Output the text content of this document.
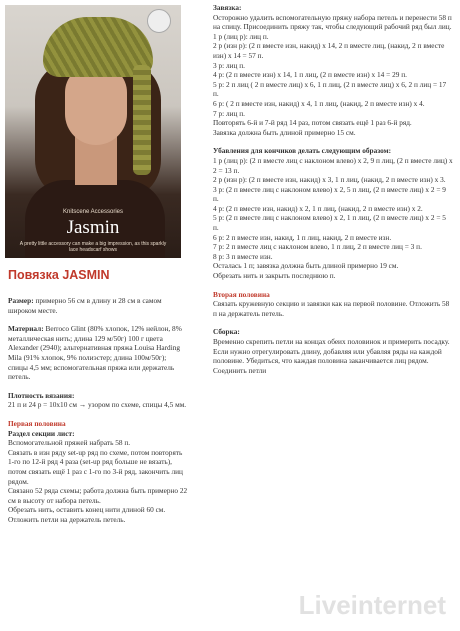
Knitscene Accessories
Jasmin
A pretty little accessory can make a big impression, as this sparkly lace headscarf shows
Повязка JASMIN

Размер: примерно 56 см в длину и 28 см в самом широком месте.

Материал: Berroco Glint (80% хлопок, 12% нейлон, 8% металлическая нить; длина 129 м/50г) 100 г цвета Alexander (2940); альтернативная пряжа Louisa Harding Mila (91% хлопок, 9% полиэстер; длина 100м/50г); спицы 4,5 мм; вспомогательная пряжа или держатель петель.

Плотность вязания:

21 п и 24 р = 10х10 см → узором по схеме, спицы 4,5 мм.

Первая половина

Раздел секции лист:

Вспомогательной пряжей набрать 58 п.

Связать в изн ряду set-up ряд по схеме, потом повторять 1-го по 12-й ряд 4 раза (set-up ряд больше не вязать), потом связать ещё 1 раз с 1-го по 3-й ряд, закончить лиц рядом.

Связано 52 ряда схемы; работа должна быть примерно 22 см в высоту от набора петель.

Обрезать нить, оставить конец нити длиной 60 см.

Отложить петли на держатель петель.

Завязка:

Осторожно удалить вспомогательную пряжу набора петель и перенести 58 п на спицу. Присоединить пряжу так, чтобы следующий рабочий ряд был лиц.

1 р (лиц р): лиц п.

2 р (изн р): (2 п вместе изн, накид) х 14, 2 п вместе лиц, (накид, 2 п вместе изн) х 14 = 57 п.

3 р: лиц п.

4 р: (2 п вместе изн) х 14, 1 п лиц, (2 п вместе изн) х 14 = 29 п.

5 р: 2 п лиц ( 2 п вместе лиц) х 6, 1 п лиц, (2 п вместе лиц) х 6, 2 п лиц = 17 п.

6 р: ( 2 п вместе изн, накид) х 4, 1 п лиц, (накид, 2 п вместе изн) х 4.

7 р: лиц п.

Повторять 6-й и 7-й ряд 14 раз, потом связать ещё 1 раз 6-й ряд.

Завязка должна быть длиной примерно 15 см.

Убавления для кончиков делать следующим образом:

1 р (лиц р): (2 п вместе лиц с наклоном влево) х 2, 9 п лиц, (2 п вместе лиц) х 2 = 13 п.

2 р (изн р): (2 п вместе изн, накид) х 3, 1 п лиц, (накид, 2 п вместе изн) х 3.

3 р: (2 п вместе лиц с наклоном влево) х 2, 5 п лиц, (2 п вместе лиц) х 2 = 9 п.

4 р: (2 п вместе изн, накид) х 2, 1 п лиц, (накид, 2 п вместе изн) х 2.

5 р: (2 п вместе лиц с наклоном влево) х 2, 1 п лиц, (2 п вместе лиц) х 2 = 5 п.

6 р: 2 п вместе изн, накид, 1 п лиц, накид, 2 п вместе изн.

7 р: 2 п вместе лиц с наклоном влево, 1 п лиц, 2 п вместе лиц = 3 п.

8 р: 3 п вместе изн.

Осталась 1 п; завязка должна быть длиной примерно 19 см.

Обрезать нить и закрыть последнюю п.

Вторая половина

Связать кружевную секцию и завязки как на первой половине. Отложить 58 п на держатель петель.

Сборка:

Временно скрепить петли на концах обеих половинок и примерить посадку. Если нужно отрегулировать длину, добавляя или убавляя ряды на каждой половине. Убедиться, что каждая половина заканчивается лиц рядом. Соединить петли

Liveinternet
